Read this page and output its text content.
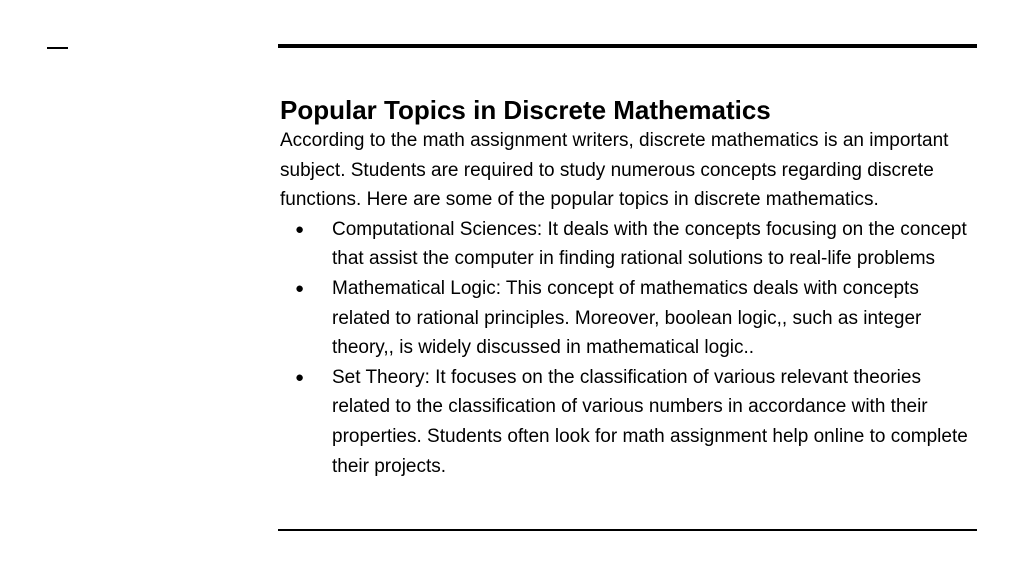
Popular Topics in Discrete Mathematics

According to the math assignment writers, discrete mathematics is an important subject. Students are required to study numerous concepts regarding discrete functions. Here are some of the popular topics in discrete mathematics.

● Computational Sciences: It deals with the concepts focusing on the concept that assist the computer in finding rational solutions to real-life problems
● Mathematical Logic: This concept of mathematics deals with concepts related to rational principles. Moreover, boolean logic,, such as integer theory,, is widely discussed in mathematical logic..
● Set Theory: It focuses on the classification of various relevant theories related to the classification of various numbers in accordance with their properties. Students often look for math assignment help online to complete their projects.
